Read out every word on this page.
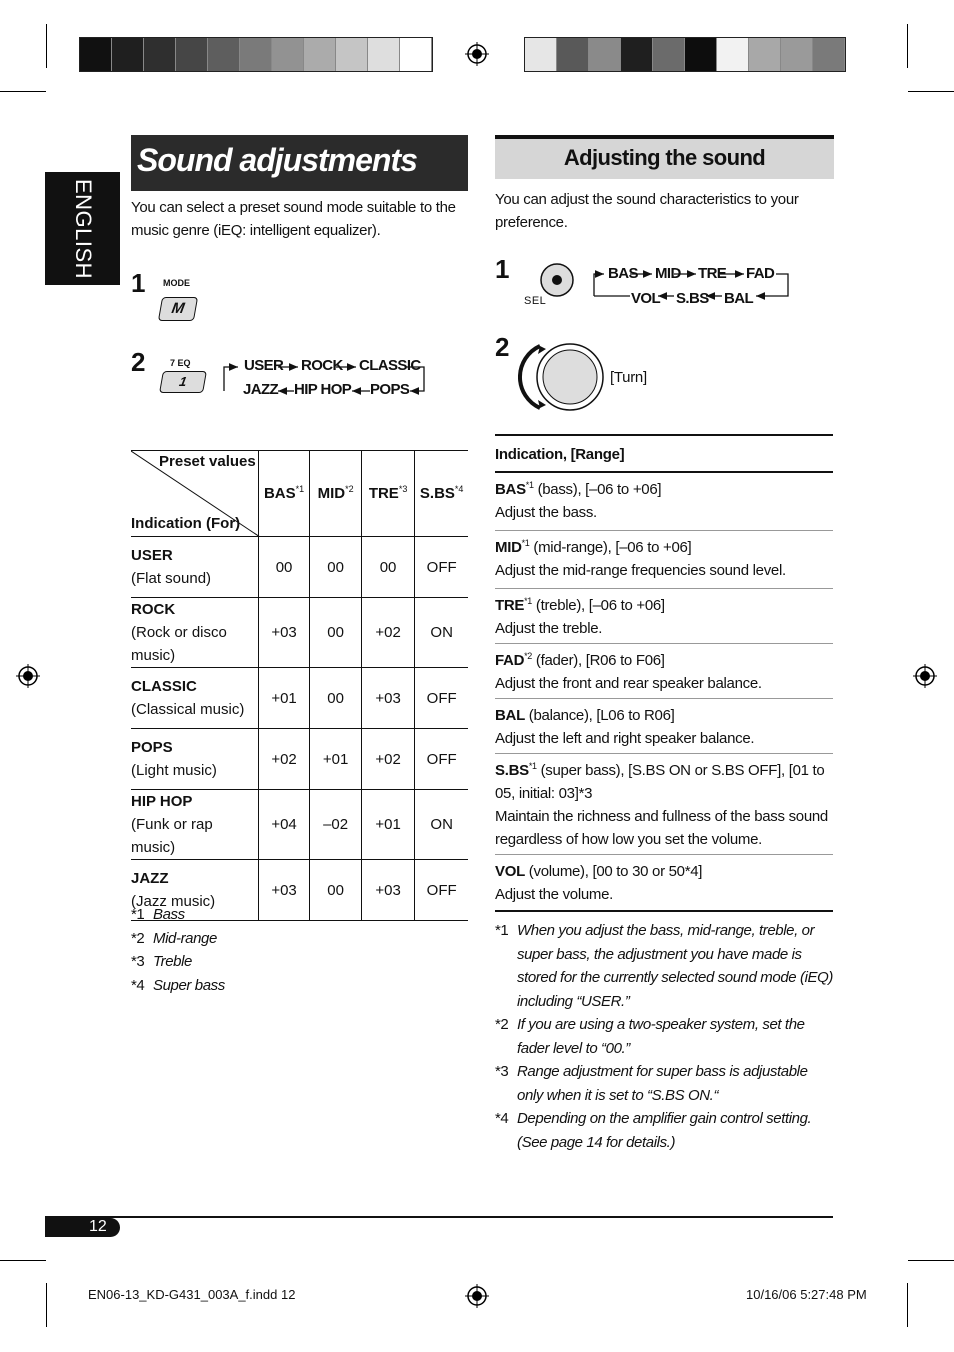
ENGLISH
Sound adjustments
You can select a preset sound mode suitable to the music genre (iEQ: intelligent equalizer).
1 MODE
M
2	7 EQ
1
USER ROCK CLASSIC
JAZZ HIP HOP POPS
Preset values
Indication (For)	BAS$^{*1}$	MID$^{*2}$	TRE$^{*3}$	S.BS$^{*4}$
USER
(Flat sound)	00	00	00	OFF
ROCK
(Rock or disco music)	+03	00	+02	ON
CLASSIC
(Classical music)	+01	00	+03	OFF
POPS
(Light music)	+02	+01	+02	OFF
HIP HOP
(Funk or rap music)	+04	–02	+01	ON
JAZZ
(Jazz music)	+03	00	+03	OFF
*1 Bass
*2 Mid-range
*3 Treble
*4 Super bass
Adjusting the sound
You can adjust the sound characteristics to your preference.
1
SEL
BAS MID TRE FAD
VOL S.BS BAL
2
[Turn]
Indication, [Range]
BAS$^{*1}$ (bass), [–06 to +06]
Adjust the bass.
MID$^{*1}$ (mid-range), [–06 to +06]
Adjust the mid-range frequencies sound level.
TRE$^{*1}$ (treble), [–06 to +06]
Adjust the treble.
FAD$^{*2}$ (fader), [R06 to F06]
Adjust the front and rear speaker balance.
BAL (balance), [L06 to R06]
Adjust the left and right speaker balance.
S.BS$^{*1}$ (super bass), [S.BS ON or S.BS OFF], [01 to 05, initial: 03]*3
Maintain the richness and fullness of the bass sound regardless of how low you set the volume.
VOL (volume), [00 to 30 or 50*4]
Adjust the volume.
*1 When you adjust the bass, mid-range, treble, or super bass, the adjustment you have made is stored for the currently selected sound mode (iEQ) including “USER.”
*2 If you are using a two-speaker system, set the fader level to “00.”
*3 Range adjustment for super bass is adjustable only when it is set to “S.BS ON.“
*4 Depending on the amplifier gain control setting. (See page 14 for details.)
12
EN06-13_KD-G431_003A_f.indd 12	10/16/06 5:27:48 PM
